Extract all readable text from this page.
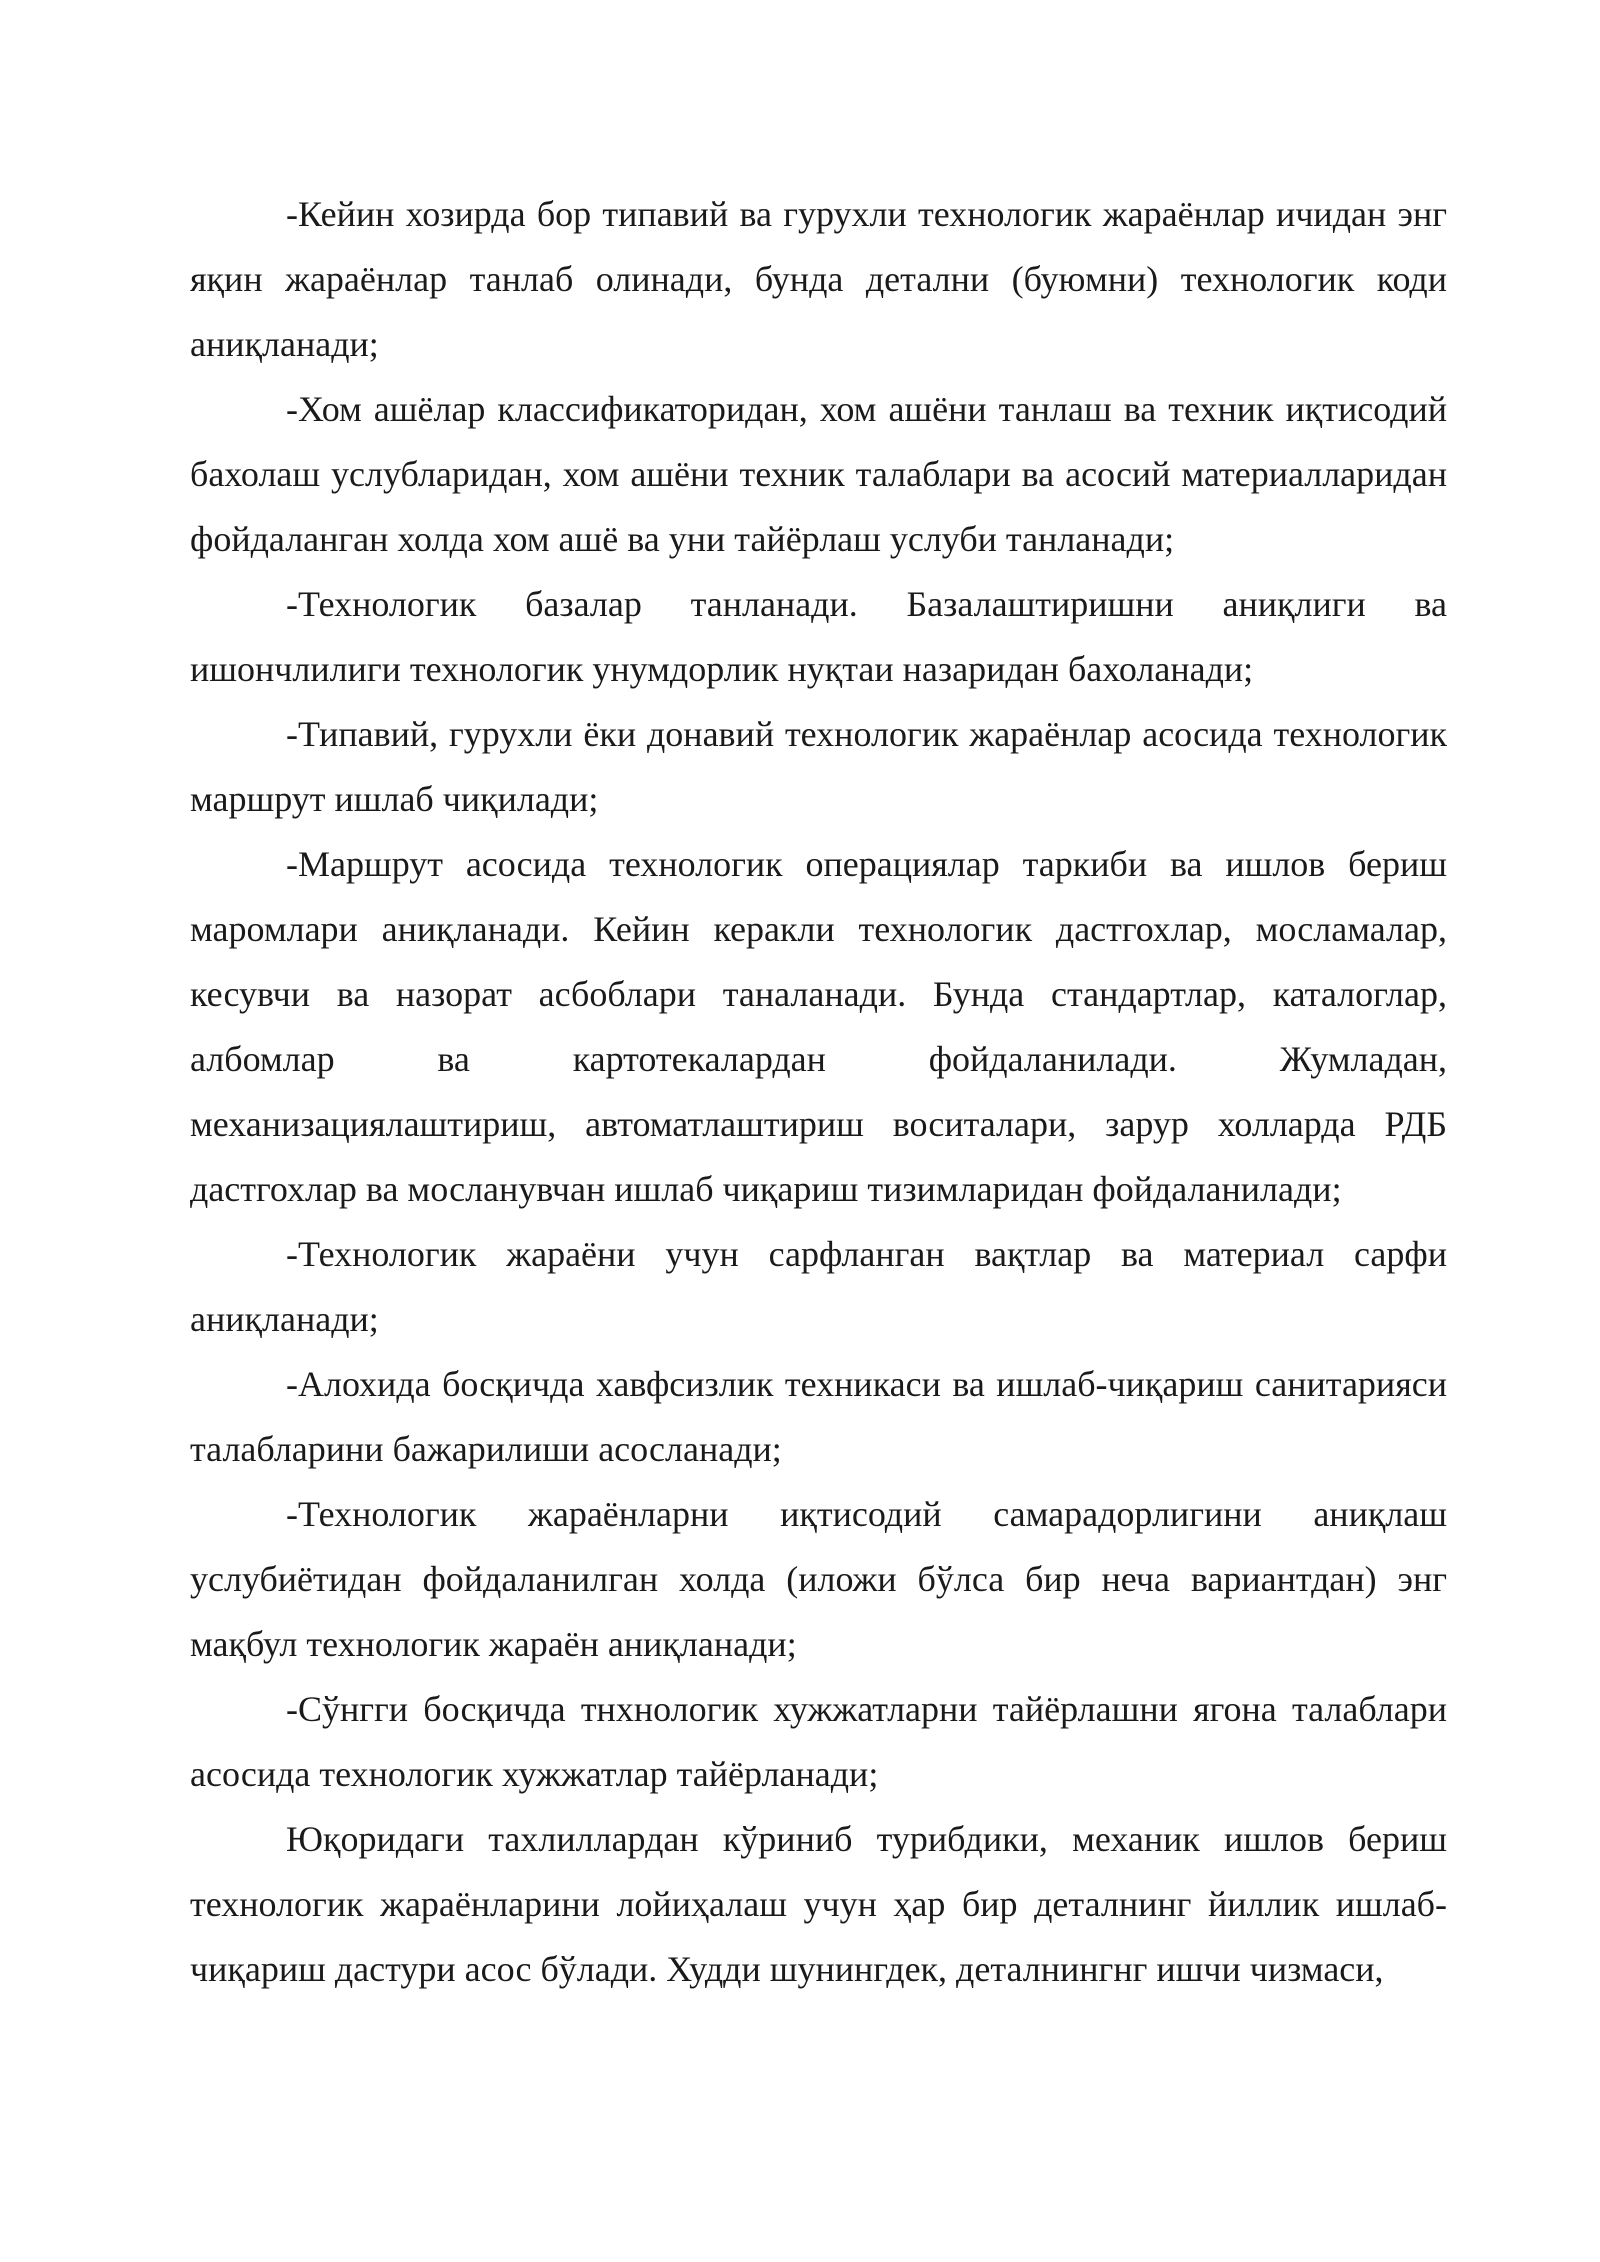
-Кейин хозирда бор типавий ва гурухли технологик жараёнлар ичидан энг яқин жараёнлар танлаб олинади, бунда детални (буюмни) технологик коди аниқланади;

-Хом ашёлар классификаторидан, хом ашёни танлаш ва техник иқтисодий бахолаш услубларидан, хом ашёни техник талаблари ва асосий материалларидан фойдаланган холда хом ашё ва уни тайёрлаш услуби танланади;

-Технологик базалар танланади. Базалаштиришни аниқлиги ва ишончлилиги технологик унумдорлик нуқтаи назаридан бахоланади;

-Типавий, гурухли ёки донавий технологик жараёнлар асосида технологик маршрут ишлаб чиқилади;

-Маршрут асосида технологик операциялар таркиби ва ишлов бериш маромлари аниқланади. Кейин керакли технологик дастгохлар, мосламалар, кесувчи ва назорат асбоблари таналанади. Бунда стандартлар, каталоглар, албомлар ва картотекалардан фойдаланилади. Жумладан, механизациялаштириш, автоматлаштириш воситалари, зарур холларда РДБ дастгохлар ва мосланувчан ишлаб чиқариш тизимларидан фойдаланилади;

-Технологик жараёни учун сарфланган вақтлар ва материал сарфи аниқланади;

-Алохида босқичда хавфсизлик техникаси ва ишлаб-чиқариш санитарияси талабларини бажарилиши асосланади;

-Технологик жараёнларни иқтисодий самарадорлигини аниқлаш услубиётидан фойдаланилган холда (иложи бўлса бир неча вариантдан) энг мақбул технологик жараён аниқланади;

-Сўнгги босқичда тнхнологик хужжатларни тайёрлашни ягона талаблари асосида технологик хужжатлар тайёрланади;

Юқоридаги тахлиллардан кўриниб турибдики, механик ишлов бериш технологик жараёнларини лойиҳалаш учун ҳар бир деталнинг йиллик ишлаб-чиқариш дастури асос бўлади. Худди шунингдек, деталнингнг ишчи чизмаси,
